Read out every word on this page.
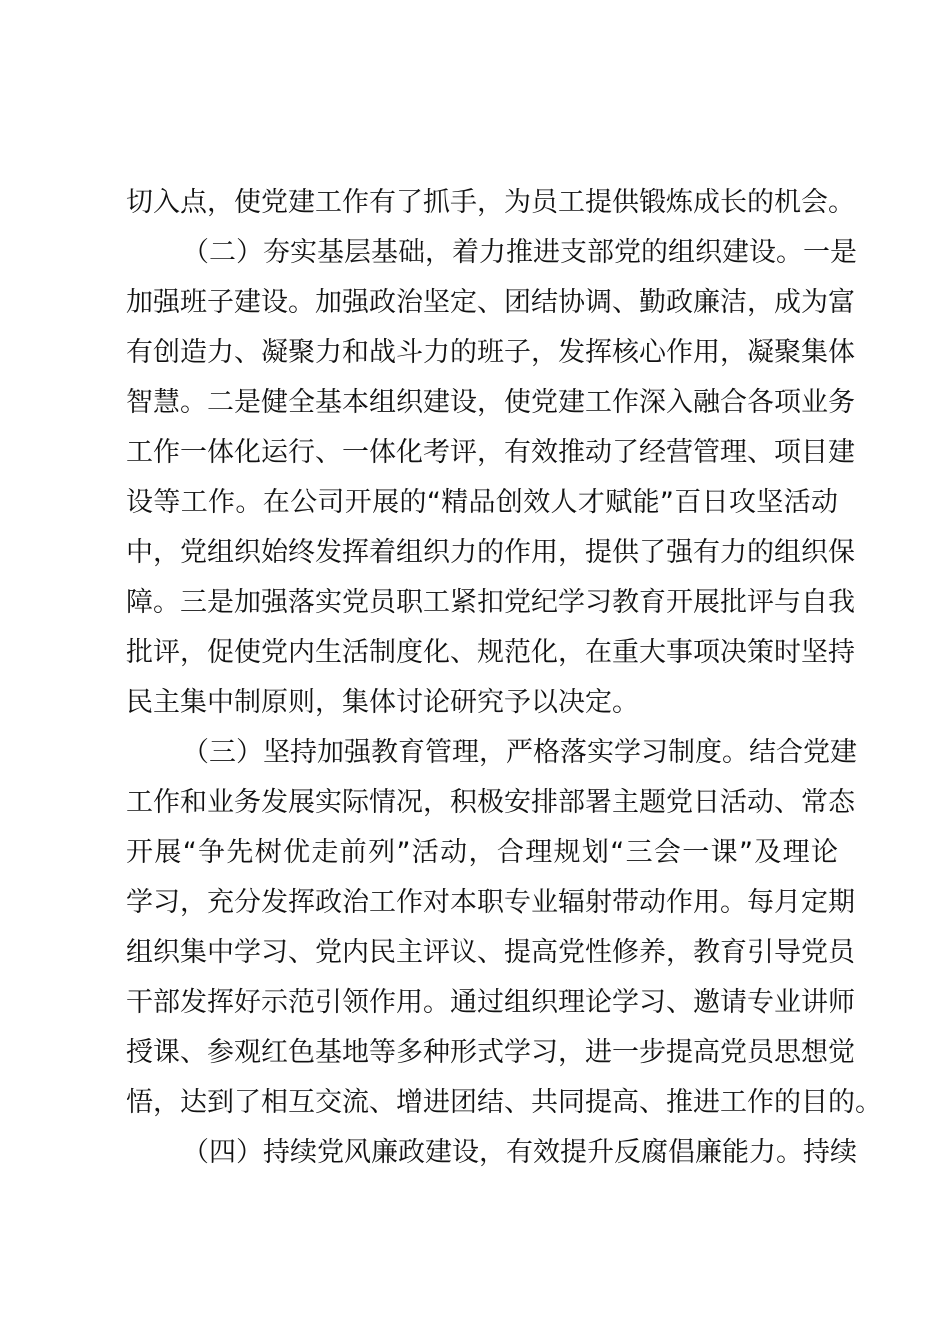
切入点，使党建工作有了抓手，为员工提供锻炼成长的机会。
（二）夯实基层基础，着力推进支部党的组织建设。一是
加强班子建设。加强政治坚定、团结协调、勤政廉洁，成为富
有创造力、凝聚力和战斗力的班子，发挥核心作用，凝聚集体
智慧。二是健全基本组织建设，使党建工作深入融合各项业务
工作一体化运行、一体化考评，有效推动了经营管理、项目建
设等工作。在公司开展的“精品创效人才赋能”百日攻坚活动
中，党组织始终发挥着组织力的作用，提供了强有力的组织保
障。三是加强落实党员职工紧扣党纪学习教育开展批评与自我
批评，促使党内生活制度化、规范化，在重大事项决策时坚持
民主集中制原则，集体讨论研究予以决定。
（三）坚持加强教育管理，严格落实学习制度。结合党建
工作和业务发展实际情况，积极安排部署主题党日活动、常态
开展“争先树优走前列”活动，合理规划“三会一课”及理论
学习，充分发挥政治工作对本职专业辐射带动作用。每月定期
组织集中学习、党内民主评议、提高党性修养，教育引导党员
干部发挥好示范引领作用。通过组织理论学习、邀请专业讲师
授课、参观红色基地等多种形式学习，进一步提高党员思想觉
悟，达到了相互交流、增进团结、共同提高、推进工作的目的。
（四）持续党风廉政建设，有效提升反腐倡廉能力。持续
